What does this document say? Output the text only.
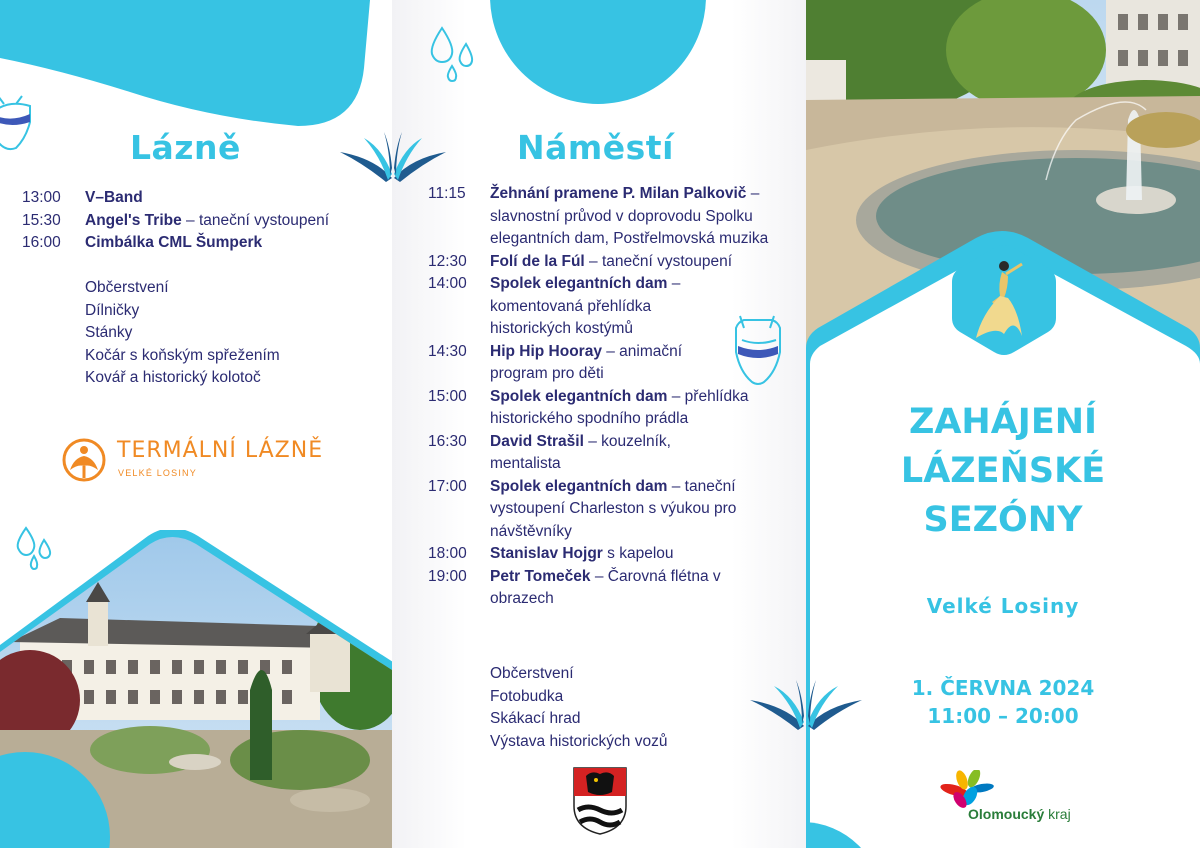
Lázně
13:00	V–Band
15:30	Angel's Tribe – taneční vystoupení
16:00	Cimbálka CML Šumperk
Občerstvení
Dílničky
Stánky
Kočár s koňským spřežením
Kovář a historický kolotoč
TERMÁLNÍ LÁZNĚ
VELKÉ LOSINY
Náměstí
11:15	Žehnání pramene P. Milan Palkovič – slavnostní průvod v doprovodu Spolku elegantních dam, Postřelmovská muzika
12:30	Folí de la Fúl – taneční vystoupení
14:00	Spolek elegantních dam – komentovaná přehlídka historických kostýmů
14:30	Hip Hip Hooray – animační program pro děti
15:00	Spolek elegantních dam – přehlídka historického spodního prádla
16:30	David Strašil – kouzelník, mentalista
17:00	Spolek elegantních dam – taneční vystoupení Charleston s výukou pro návštěvníky
18:00	Stanislav Hojgr s kapelou
19:00	Petr Tomeček – Čarovná flétna v obrazech
Občerstvení
Fotobudka
Skákací hrad
Výstava historických vozů
ZAHÁJENÍ
LÁZEŇSKÉ
SEZÓNY
Velké Losiny
1. ČERVNA 2024
11:00 – 20:00
Olomoucký kraj
